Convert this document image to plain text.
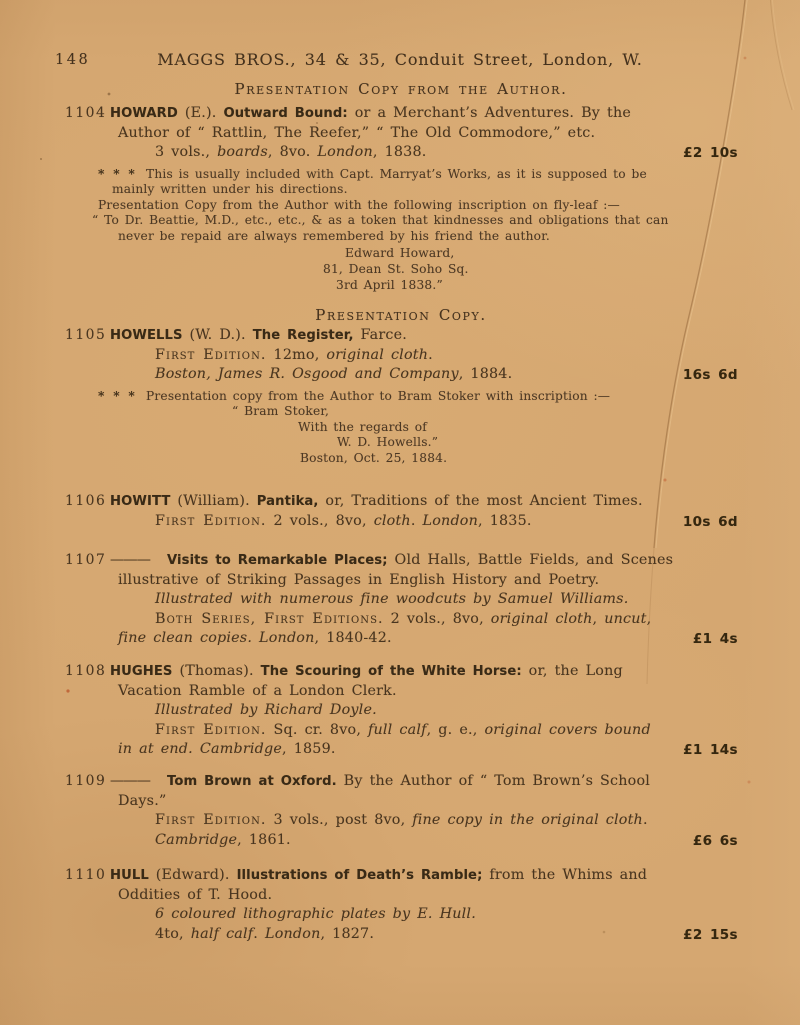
148	MAGGS BROS., 34 & 35, Conduit Street, London, W.
Presentation Copy from the Author.
1104 HOWARD (E.). Outward Bound: or a Merchant’s Adventures. By the
Author of “ Rattlin, The Reefer,” “ The Old Commodore,” etc.
3 vols., boards, 8vo. London, 1838.	£2 10s
* * * This is usually included with Capt. Marryat’s Works, as it is supposed to be
mainly written under his directions.
Presentation Copy from the Author with the following inscription on fly-leaf :—
“ To Dr. Beattie, M.D., etc., etc., & as a token that kindnesses and obligations that can
never be repaid are always remembered by his friend the author.
Edward Howard,
81, Dean St. Soho Sq.
3rd April 1838.”
Presentation Copy.
1105 HOWELLS (W. D.). The Register, Farce.
First Edition. 12mo, original cloth.
Boston, James R. Osgood and Company, 1884.	16s 6d
* * * Presentation copy from the Author to Bram Stoker with inscription :—
“ Bram Stoker,
With the regards of
W. D. Howells.”
Boston, Oct. 25, 1884.
1106 HOWITT (William). Pantika, or, Traditions of the most Ancient Times.
First Edition. 2 vols., 8vo, cloth. London, 1835.	10s 6d
1107 ——— Visits to Remarkable Places; Old Halls, Battle Fields, and Scenes
illustrative of Striking Passages in English History and Poetry.
Illustrated with numerous fine woodcuts by Samuel Williams.
Both Series, First Editions. 2 vols., 8vo, original cloth, uncut,
fine clean copies. London, 1840-42.	£1 4s
1108 HUGHES (Thomas). The Scouring of the White Horse: or, the Long
Vacation Ramble of a London Clerk.
Illustrated by Richard Doyle.
First Edition. Sq. cr. 8vo, full calf, g. e., original covers bound
in at end. Cambridge, 1859.	£1 14s
1109 ——— Tom Brown at Oxford. By the Author of “ Tom Brown’s School
Days.”
First Edition. 3 vols., post 8vo, fine copy in the original cloth.
Cambridge, 1861.	£6 6s
1110 HULL (Edward). Illustrations of Death’s Ramble; from the Whims and
Oddities of T. Hood.
6 coloured lithographic plates by E. Hull.
4to, half calf. London, 1827.	£2 15s
